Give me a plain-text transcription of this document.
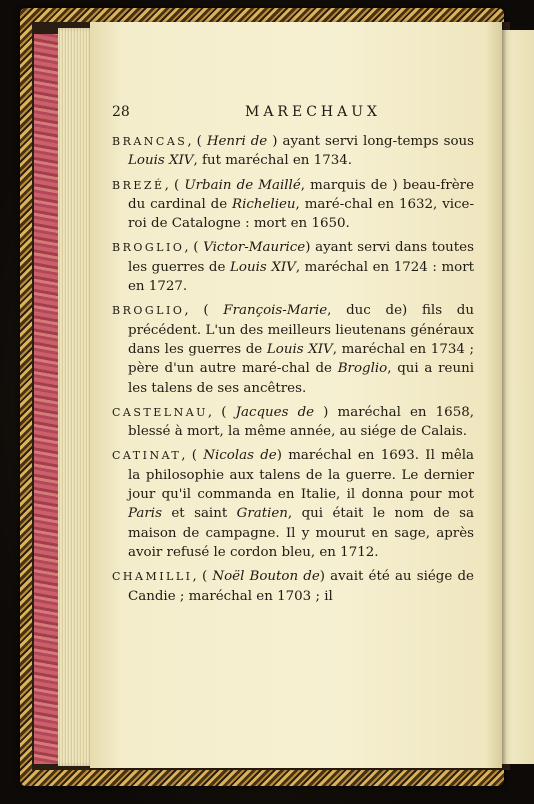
28	MARECHAUX

BRANCAS, ( Henri de ) ayant servi long-temps sous Louis XIV, fut maréchal en 1734.

BREZÉ, ( Urbain de Maillé, marquis de ) beau-frère du cardinal de Richelieu, maré-chal en 1632, vice-roi de Catalogne : mort en 1650.

BROGLIO, ( Victor-Maurice) ayant servi dans toutes les guerres de Louis XIV, maréchal en 1724 : mort en 1727.

BROGLIO, ( François-Marie, duc de) fils du précédent. L'un des meilleurs lieutenans généraux dans les guerres de Louis XIV, maréchal en 1734 ; père d'un autre maré-chal de Broglio, qui a reuni les talens de ses ancêtres.

CASTELNAU, ( Jacques de ) maréchal en 1658, blessé à mort, la même année, au siége de Calais.

CATINAT, ( Nicolas de) maréchal en 1693. Il mêla la philosophie aux talens de la guerre. Le dernier jour qu'il commanda en Italie, il donna pour mot Paris et saint Gratien, qui était le nom de sa maison de campagne. Il y mourut en sage, après avoir refusé le cordon bleu, en 1712.

CHAMILLI, ( Noël Bouton de) avait été au siége de Candie ; maréchal en 1703 ; il
